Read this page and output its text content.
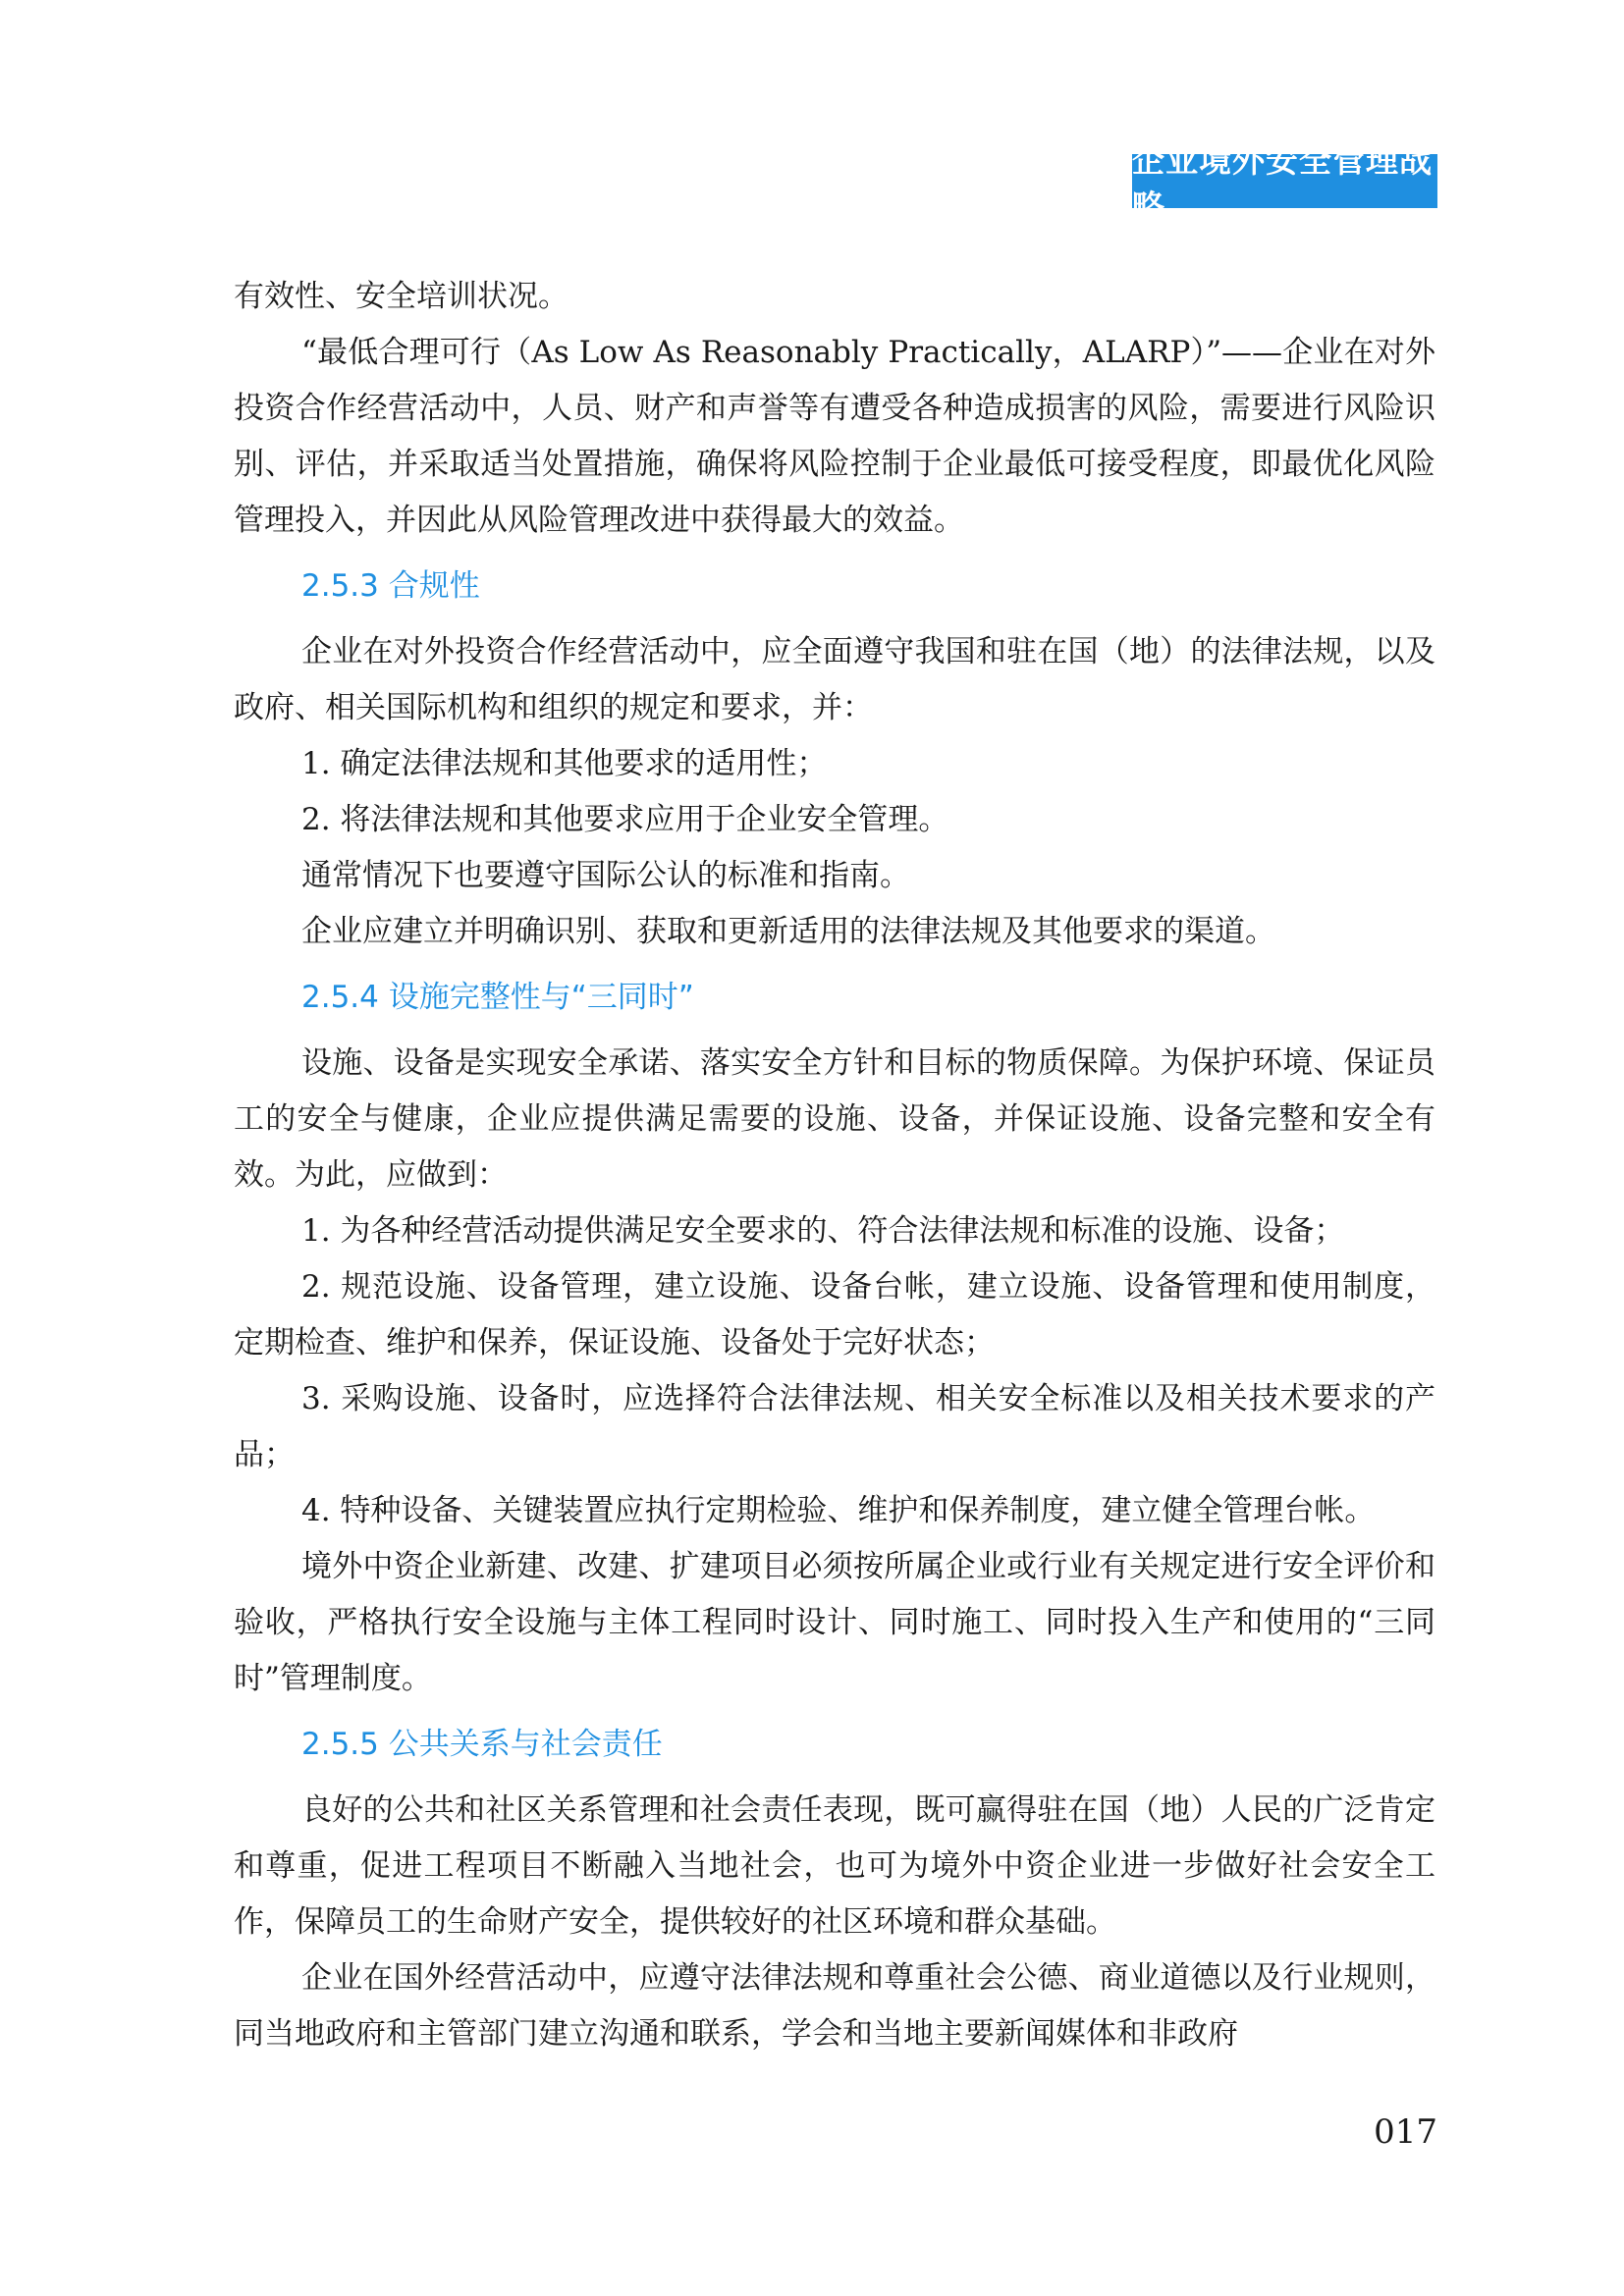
企业境外安全管理战略

有效性、安全培训状况。

“最低合理可行（As Low As Reasonably Practically，ALARP）”——企业在对外投资合作经营活动中，人员、财产和声誉等有遭受各种造成损害的风险，需要进行风险识别、评估，并采取适当处置措施，确保将风险控制于企业最低可接受程度，即最优化风险管理投入，并因此从风险管理改进中获得最大的效益。

2.5.3 合规性

企业在对外投资合作经营活动中，应全面遵守我国和驻在国（地）的法律法规，以及政府、相关国际机构和组织的规定和要求，并：

1. 确定法律法规和其他要求的适用性；

2. 将法律法规和其他要求应用于企业安全管理。

通常情况下也要遵守国际公认的标准和指南。

企业应建立并明确识别、获取和更新适用的法律法规及其他要求的渠道。

2.5.4 设施完整性与“三同时”

设施、设备是实现安全承诺、落实安全方针和目标的物质保障。为保护环境、保证员工的安全与健康，企业应提供满足需要的设施、设备，并保证设施、设备完整和安全有效。为此，应做到：

1. 为各种经营活动提供满足安全要求的、符合法律法规和标准的设施、设备；

2. 规范设施、设备管理，建立设施、设备台帐，建立设施、设备管理和使用制度，定期检查、维护和保养，保证设施、设备处于完好状态；

3. 采购设施、设备时，应选择符合法律法规、相关安全标准以及相关技术要求的产品；

4. 特种设备、关键装置应执行定期检验、维护和保养制度，建立健全管理台帐。

境外中资企业新建、改建、扩建项目必须按所属企业或行业有关规定进行安全评价和验收，严格执行安全设施与主体工程同时设计、同时施工、同时投入生产和使用的“三同时”管理制度。

2.5.5 公共关系与社会责任

良好的公共和社区关系管理和社会责任表现，既可赢得驻在国（地）人民的广泛肯定和尊重，促进工程项目不断融入当地社会，也可为境外中资企业进一步做好社会安全工作，保障员工的生命财产安全，提供较好的社区环境和群众基础。

企业在国外经营活动中，应遵守法律法规和尊重社会公德、商业道德以及行业规则，同当地政府和主管部门建立沟通和联系，学会和当地主要新闻媒体和非政府

017
